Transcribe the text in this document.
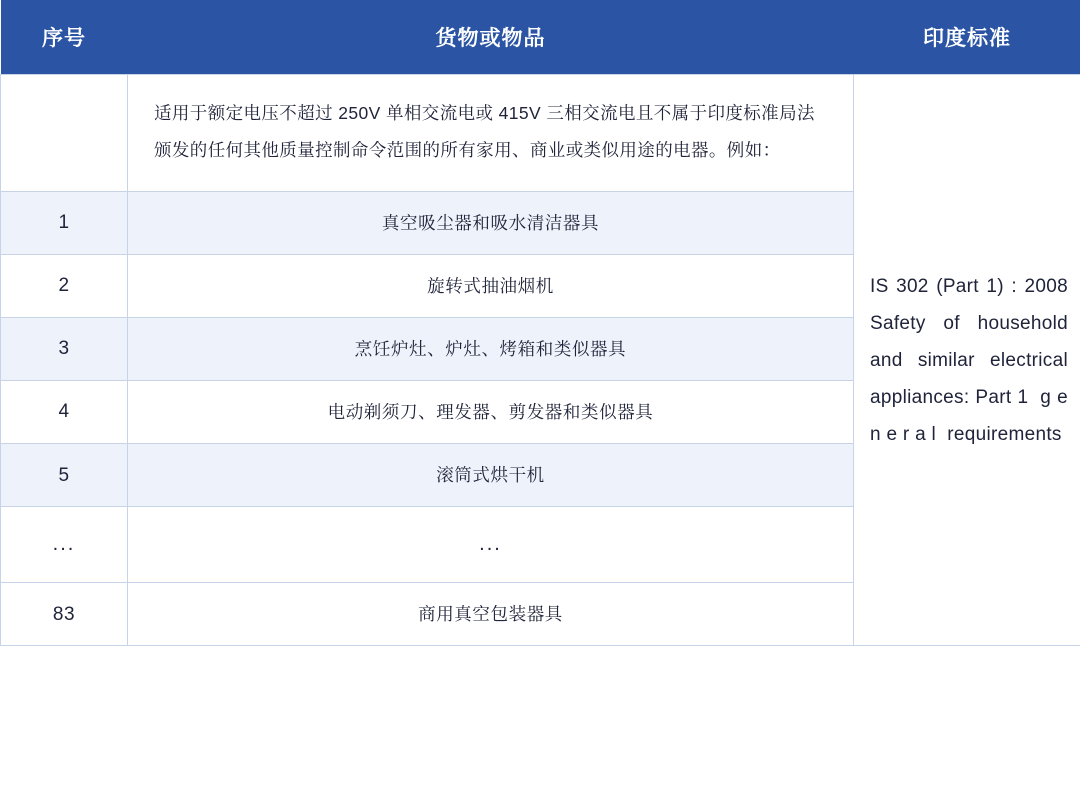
序号	货物或物品	印度标准
	适用于额定电压不超过 250V 单相交流电或 415V 三相交流电且不属于印度标准局法颁发的任何其他质量控制命令范围的所有家用、商业或类似用途的电器。例如：	IS 302 (Part 1) : 2008 Safety of household and similar electrical appliances: Part 1  g e n e r a l  requirements

1	真空吸尘器和吸水清洁器具	
2	旋转式抽油烟机	
3	烹饪炉灶、炉灶、烤箱和类似器具	
4	电动剃须刀、理发器、剪发器和类似器具	
5	滚筒式烘干机	
...	...	
83	商用真空包装器具	
